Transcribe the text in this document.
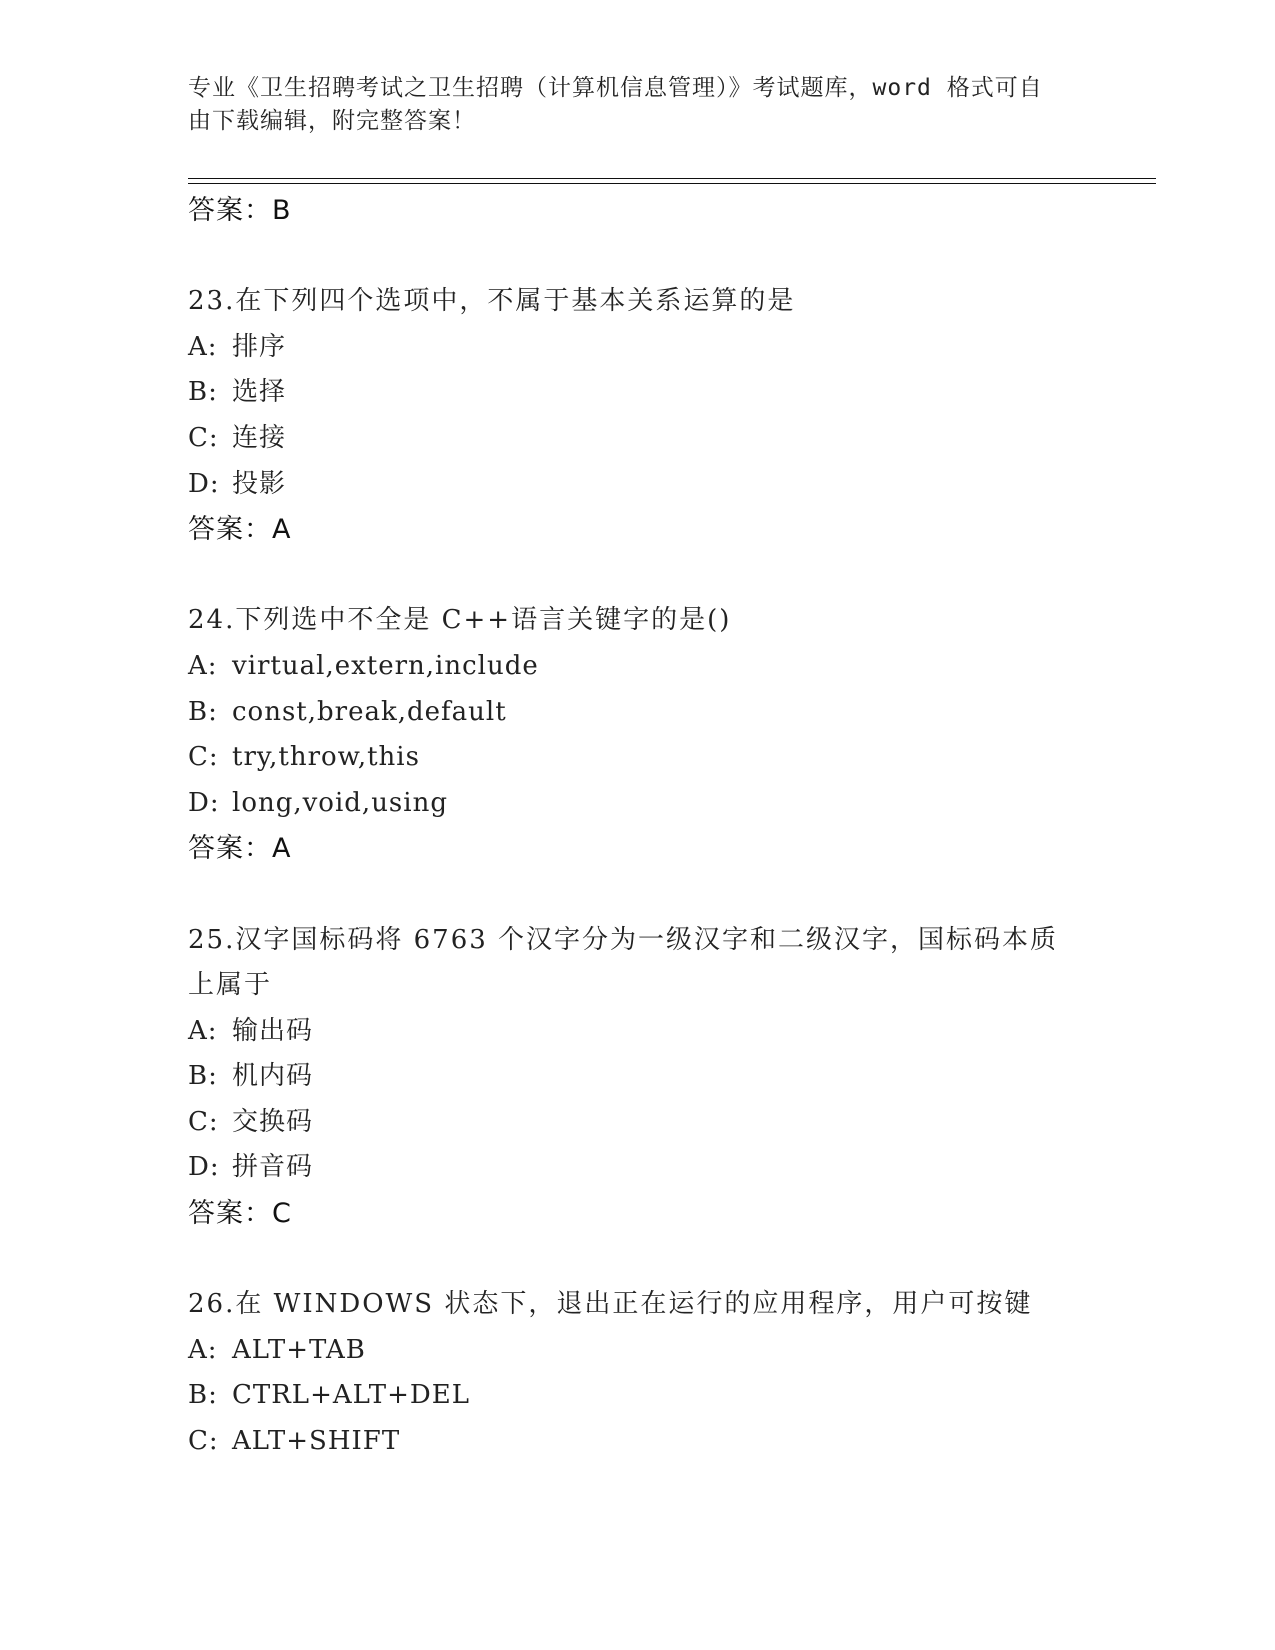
专业《卫生招聘考试之卫生招聘（计算机信息管理）》考试题库，word 格式可自
由下载编辑，附完整答案！
答案：B
23.在下列四个选项中，不属于基本关系运算的是
A: 排序
B: 选择
C: 连接
D: 投影
答案：A
24.下列选中不全是 C++语言关键字的是()
A: virtual,extern,include
B: const,break,default
C: try,throw,this
D: long,void,using
答案：A
25.汉字国标码将 6763 个汉字分为一级汉字和二级汉字，国标码本质
上属于
A: 输出码
B: 机内码
C: 交换码
D: 拼音码
答案：C
26.在 WINDOWS 状态下，退出正在运行的应用程序，用户可按键
A: ALT+TAB
B: CTRL+ALT+DEL
C: ALT+SHIFT
